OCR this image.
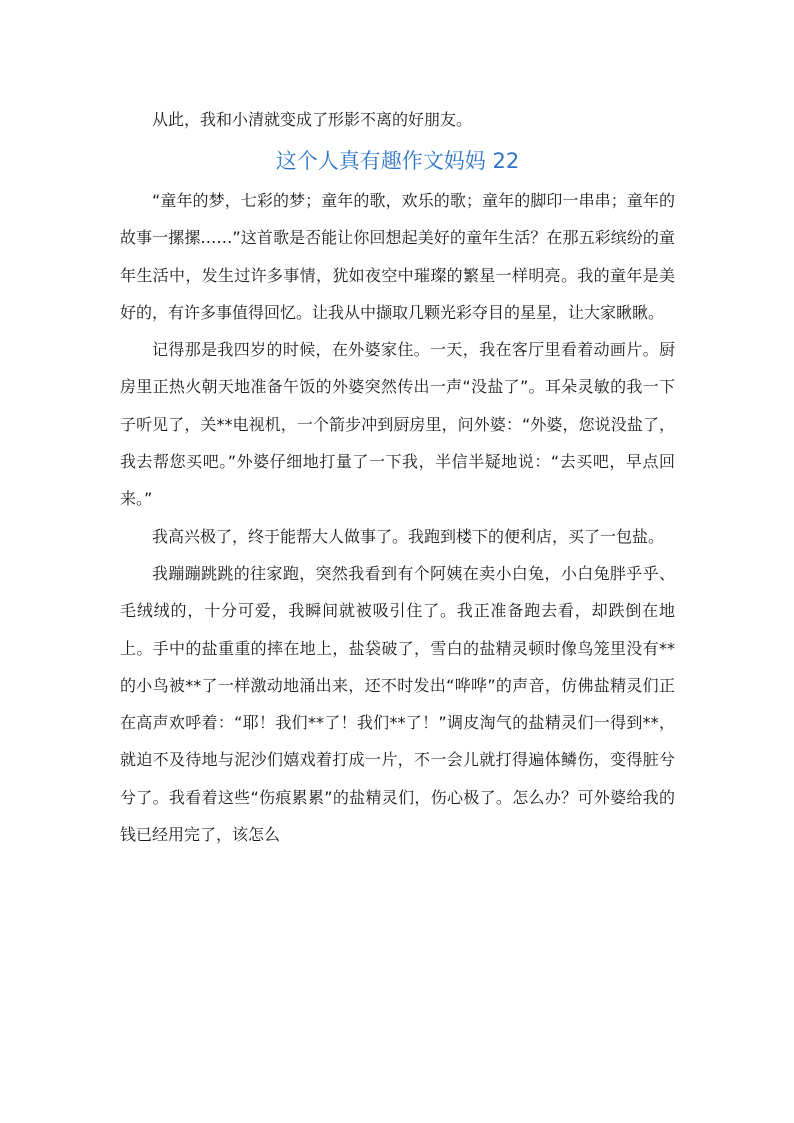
从此，我和小清就变成了形影不离的好朋友。

这个人真有趣作文妈妈 22

“童年的梦，七彩的梦；童年的歌，欢乐的歌；童年的脚印一串串；童年的故事一摞摞……”这首歌是否能让你回想起美好的童年生活？在那五彩缤纷的童年生活中，发生过许多事情，犹如夜空中璀璨的繁星一样明亮。我的童年是美好的，有许多事值得回忆。让我从中撷取几颗光彩夺目的星星，让大家瞅瞅。

记得那是我四岁的时候，在外婆家住。一天，我在客厅里看着动画片。厨房里正热火朝天地准备午饭的外婆突然传出一声“没盐了”。耳朵灵敏的我一下子听见了，关**电视机，一个箭步冲到厨房里，问外婆：“外婆，您说没盐了，我去帮您买吧。”外婆仔细地打量了一下我，半信半疑地说：“去买吧，早点回来。”

我高兴极了，终于能帮大人做事了。我跑到楼下的便利店，买了一包盐。

我蹦蹦跳跳的往家跑，突然我看到有个阿姨在卖小白兔，小白兔胖乎乎、毛绒绒的，十分可爱，我瞬间就被吸引住了。我正准备跑去看，却跌倒在地上。手中的盐重重的摔在地上，盐袋破了，雪白的盐精灵顿时像鸟笼里没有**的小鸟被**了一样激动地涌出来，还不时发出“哗哗”的声音，仿佛盐精灵们正在高声欢呼着：“耶！我们**了！我们**了！”调皮淘气的盐精灵们一得到**，就迫不及待地与泥沙们嬉戏着打成一片，不一会儿就打得遍体鳞伤，变得脏兮兮了。我看着这些“伤痕累累”的盐精灵们，伤心极了。怎么办？可外婆给我的钱已经用完了，该怎么
